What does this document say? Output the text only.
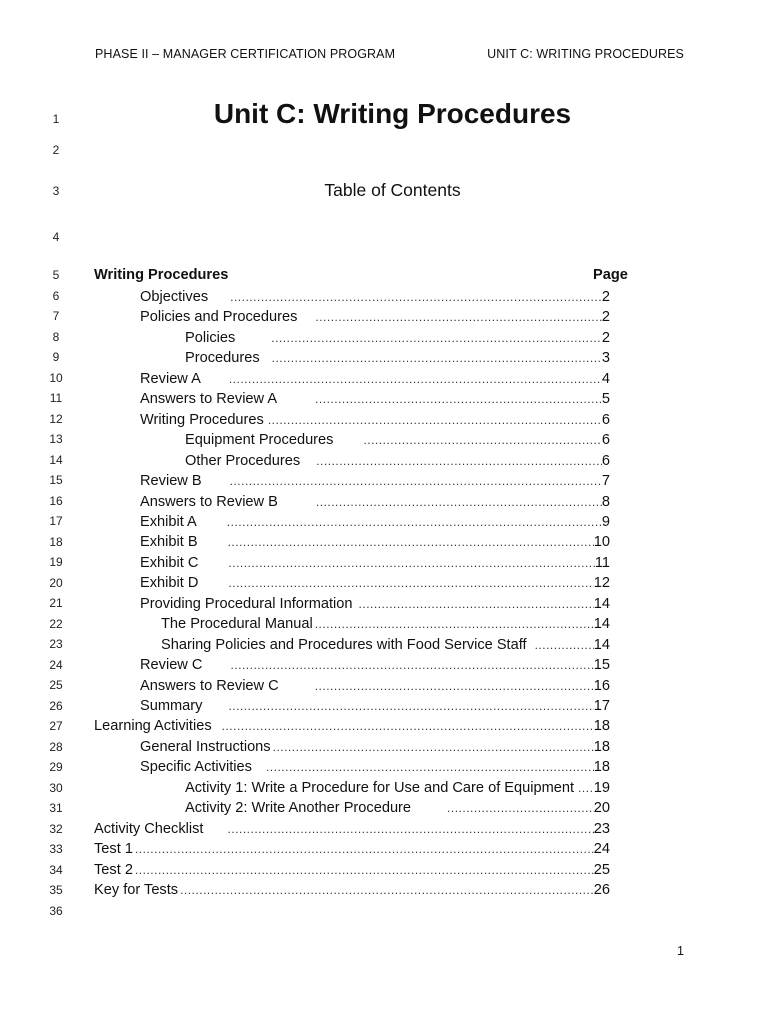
PHASE II – MANAGER CERTIFICATION PROGRAM	UNIT C: WRITING PROCEDURES
1
2
3
4
5
6
7
8
9
10
11
12
13
14
15
16
17
18
19
20
21
22
23
24
25
26
27
28
29
30
31
32
33
34
35
36
Unit C: Writing Procedures
Table of Contents
Writing Procedures	Page
Objectives .....	2
Policies and Procedures .....	2
Policies .....	2
Procedures .....	3
Review A .....	4
Answers to Review A .....	5
Writing Procedures .....	6
Equipment Procedures .....	6
Other Procedures .....	6
Review B .....	7
Answers to Review B .....	8
Exhibit A .....	9
Exhibit B .....	10
Exhibit C .....	11
Exhibit D .....	12
Providing Procedural Information .....	14
The Procedural Manual .....	14
Sharing Policies and Procedures with Food Service Staff .....	14
Review C .....	15
Answers to Review C .....	16
Summary .....	17
Learning Activities .....	18
General Instructions .....	18
Specific Activities .....	18
Activity 1: Write a Procedure for Use and Care of Equipment ..... 19
Activity 2: Write Another Procedure .....	20
Activity Checklist .....	23
Test 1 .....	24
Test 2 .....	25
Key for Tests .....	26
1
